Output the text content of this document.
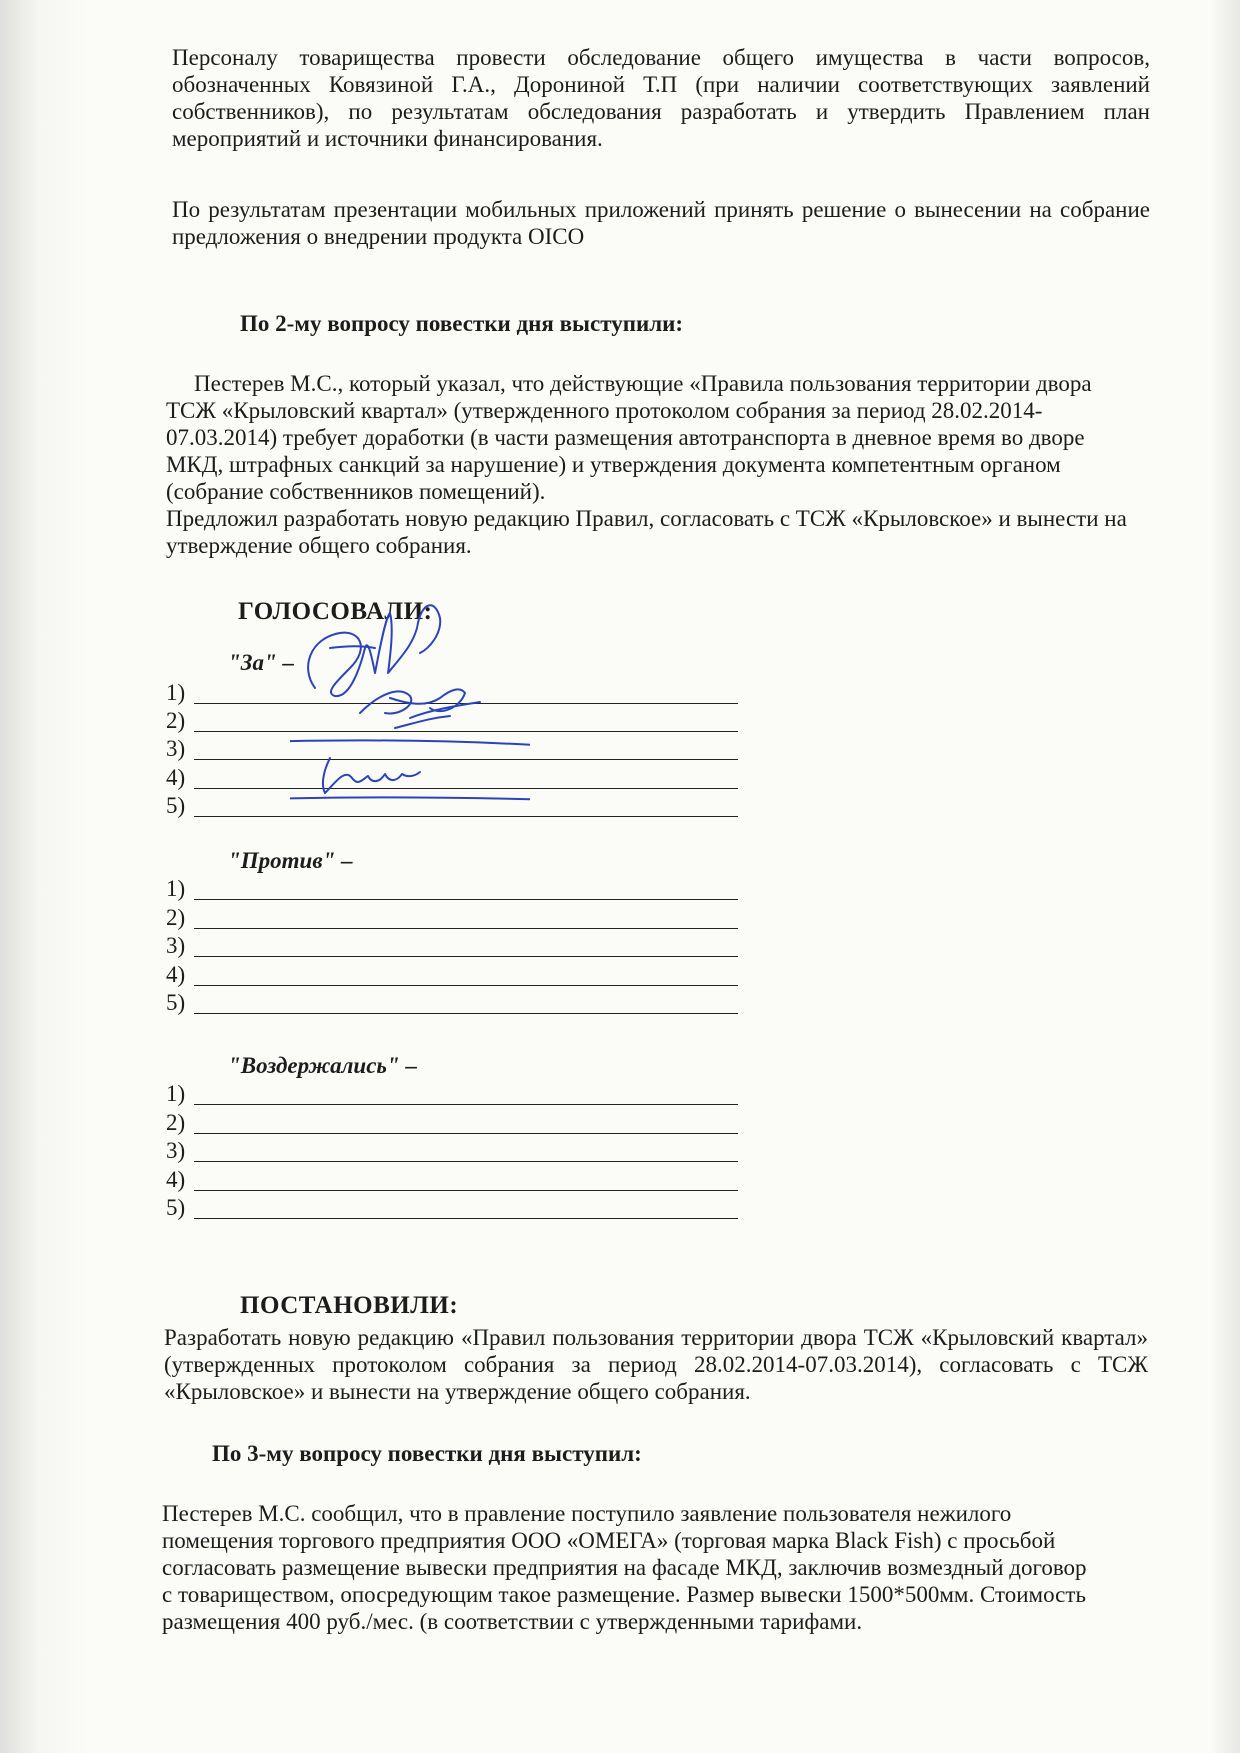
Персоналу товарищества провести обследование общего имущества в части вопросов, обозначенных Ковязиной Г.А., Дорониной Т.П (при наличии соответствующих заявлений собственников), по результатам обследования разработать и утвердить Правлением план мероприятий и источники финансирования.

По результатам презентации мобильных приложений принять решение о вынесении на собрание предложения о внедрении продукта OICO

По 2-му вопросу повестки дня выступили:

Пестерев М.С., который указал, что действующие «Правила пользования территории двора ТСЖ «Крыловский квартал» (утвержденного протоколом собрания за период 28.02.2014-07.03.2014) требует доработки (в части размещения автотранспорта в дневное время во дворе МКД, штрафных санкций за нарушение) и утверждения документа компетентным органом (собрание собственников помещений).

Предложил разработать новую редакцию Правил, согласовать с ТСЖ «Крыловское» и вынести на утверждение общего собрания.

ГОЛОСОВАЛИ:

"За" –
1)
2)
3)
4)
5)
"Против" –
1)
2)
3)
4)
5)
"Воздержались" –
1)
2)
3)
4)
5)

ПОСТАНОВИЛИ:

Разработать новую редакцию «Правил пользования территории двора ТСЖ «Крыловский квартал» (утвержденных протоколом собрания за период 28.02.2014-07.03.2014), согласовать с ТСЖ «Крыловское» и вынести на утверждение общего собрания.

По 3-му вопросу повестки дня выступил:

Пестерев М.С. сообщил, что в правление поступило заявление пользователя нежилого помещения торгового предприятия ООО «ОМЕГА» (торговая марка Black Fish) с просьбой согласовать размещение вывески предприятия на фасаде МКД, заключив возмездный договор с товариществом, опосредующим такое размещение. Размер вывески 1500*500мм. Стоимость размещения 400 руб./мес. (в соответствии с утвержденными тарифами.
